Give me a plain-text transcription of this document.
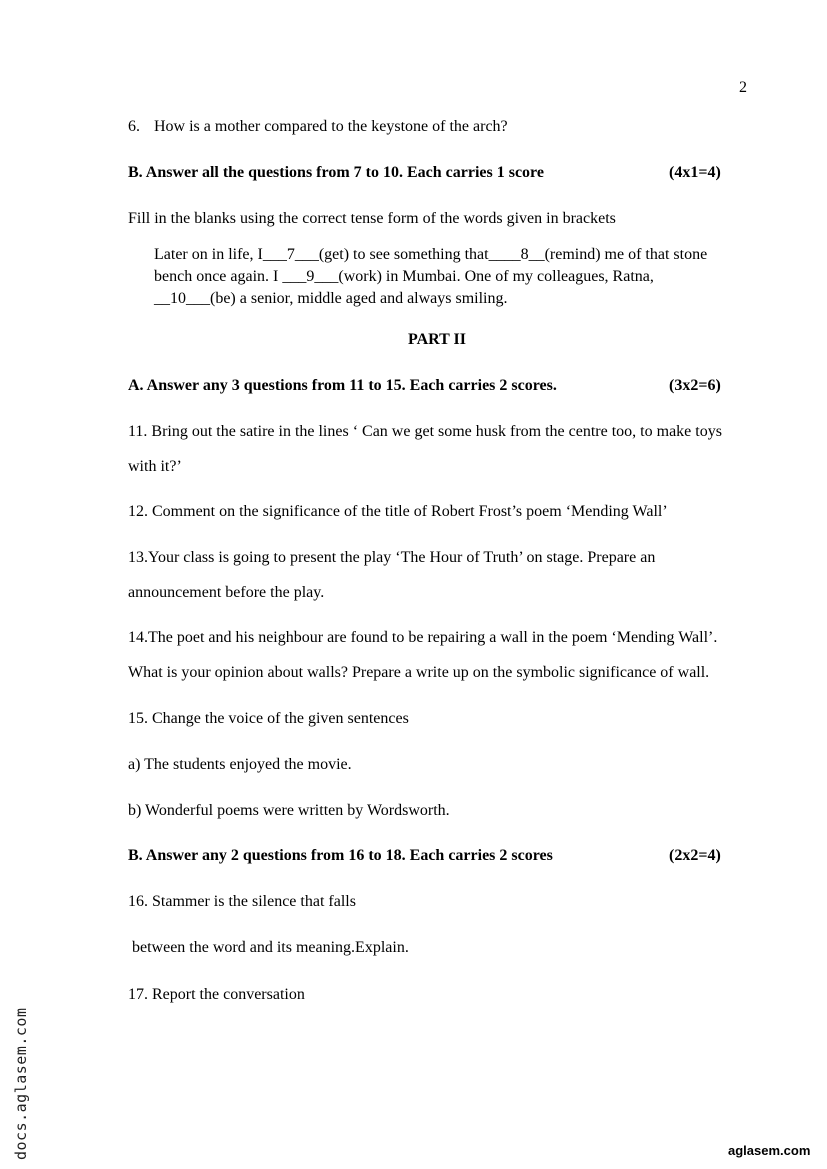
2
6. How is a mother compared to the keystone of the arch?
B. Answer all the questions from 7 to 10. Each carries 1 score	(4x1=4)
Fill in the blanks using the correct tense form of the words given in brackets
Later on in life, I___7___(get) to see something that____8__(remind) me of that stone
bench once again. I ___9___(work) in Mumbai. One of my colleagues, Ratna,
__10___(be) a senior, middle aged and always smiling.
PART II
A. Answer any 3 questions from 11 to 15. Each carries 2 scores.	(3x2=6)
11. Bring out the satire in the lines ‘ Can we get some husk from the centre too, to make toys
with it?’
12. Comment on the significance of the title of Robert Frost’s poem ‘Mending Wall’
13.Your class is going to present the play ‘The Hour of Truth’ on stage. Prepare an
announcement before the play.
14.The poet and his neighbour are found to be repairing a wall in the poem ‘Mending Wall’.
What is your opinion about walls? Prepare a write up on the symbolic significance of wall.
15. Change the voice of the given sentences
a) The students enjoyed the movie.
b) Wonderful poems were written by Wordsworth.
B. Answer any 2 questions from 16 to 18. Each carries 2 scores	(2x2=4)
16. Stammer is the silence that falls
between the word and its meaning.Explain.
17. Report the conversation
docs.aglasem.com	aglasem.com
